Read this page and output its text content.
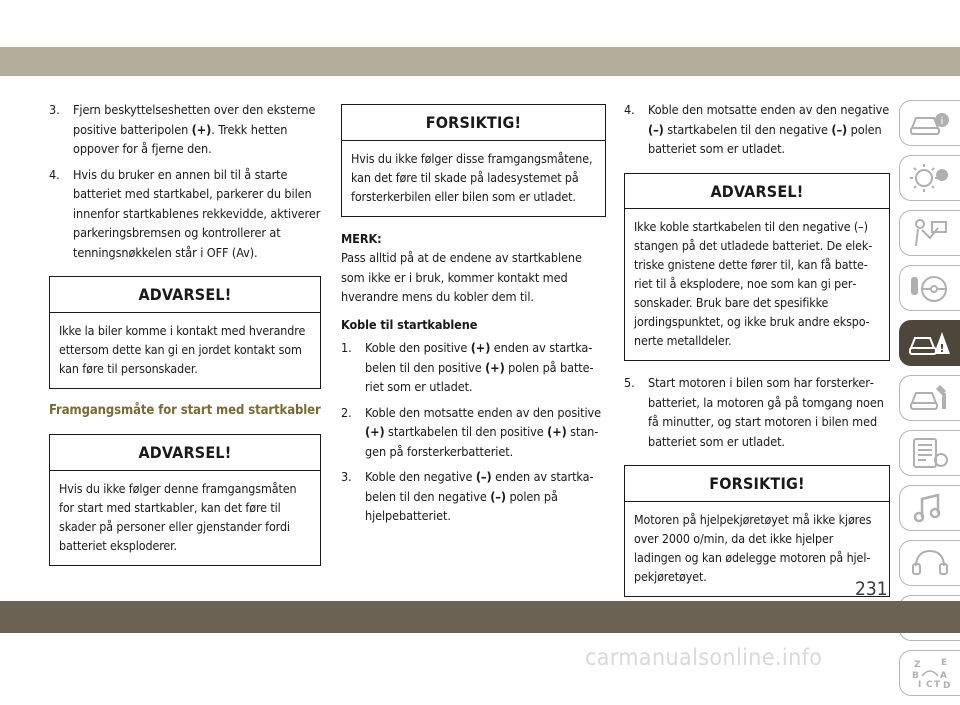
3.	Fjern beskyttelseshetten over den eksterne positive batteripolen (+). Trekk hetten oppover for å fjerne den.
4.	Hvis du bruker en annen bil til å starte batteriet med startkabel, parkerer du bilen innenfor startkablenes rekkevidde, aktiverer parkeringsbremsen og kontrollerer at tenningsnøkkelen står i OFF (Av).
ADVARSEL!
Ikke la biler komme i kontakt med hverandre ettersom dette kan gi en jordet kontakt som kan føre til personskader.
Framgangsmåte for start med startkabler
ADVARSEL!
Hvis du ikke følger denne framgangsmåten for start med startkabler, kan det føre til skader på personer eller gjenstander fordi batteriet eksploderer.
FORSIKTIG!
Hvis du ikke følger disse framgangsmåtene, kan det føre til skade på ladesystemet på forsterkerbilen eller bilen som er utladet.
MERK:

Pass alltid på at de endene av startkablene som ikke er i bruk, kommer kontakt med hverandre mens du kobler dem til.

Koble til startkablene
1.	Koble den positive (+) enden av startkabelen til den positive (+) polen på batteriet som er utladet.
2.	Koble den motsatte enden av den positive (+) startkabelen til den positive (+) stangen på forsterkerbatteriet.
3.	Koble den negative (–) enden av startkabelen til den negative (–) polen på hjelpebatteriet.
4.	Koble den motsatte enden av den negative (–) startkabelen til den negative (–) polen batteriet som er utladet.
ADVARSEL!
Ikke koble startkabelen til den negative (–) stangen på det utladede batteriet. De elektriske gnistene dette fører til, kan få batteriet til å eksplodere, noe som kan gi personskader. Bruk bare det spesifikke jordingspunktet, og ikke bruk andre eksponerte metalldeler.
5.	Start motoren i bilen som har forsterkerbatteriet, la motoren gå på tomgang noen få minutter, og start motoren i bilen med batteriet som er utladet.
FORSIKTIG!
Motoren på hjelpekjøretøyet må ikke kjøres over 2000 o/min, da det ikke hjelper ladingen og kan ødelegge motoren på hjelpekjøretøyet.
i
!
Z E
B A
I C T D
231
carmanualsonline.info
